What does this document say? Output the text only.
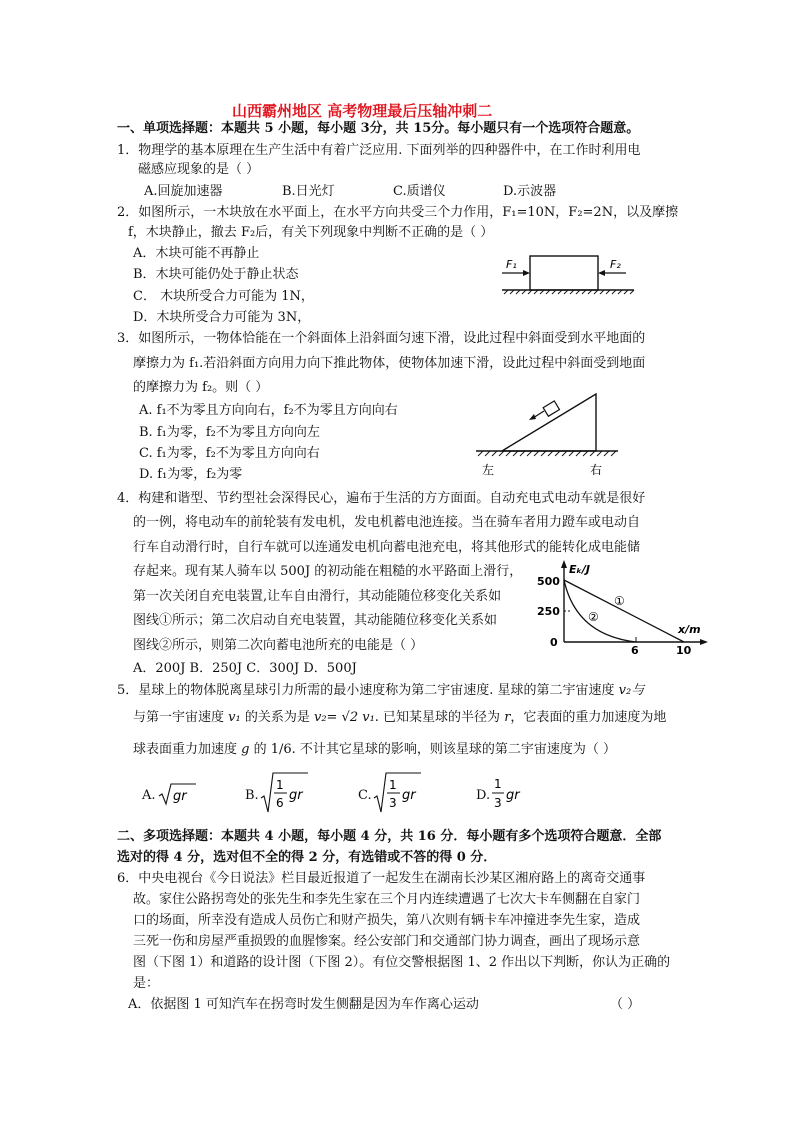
山西霸州地区 高考物理最后压轴冲刺二
一、单项选择题：本题共 5 小题，每小题 3分，共 15分。每小题只有一个选项符合题意。
1．物理学的基本原理在生产生活中有着广泛应用. 下面列举的四种器件中，在工作时利用电
磁感应现象的是（ ）
A.回旋加速器	B.日光灯	C.质谱仪	D.示波器
2．如图所示，一木块放在水平面上，在水平方向共受三个力作用，F₁=10N，F₂=2N，以及摩擦
f，木块静止，撤去 F₂后，有关下列现象中判断不正确的是（ ）
A．木块可能不再静止
B．木块可能仍处于静止状态
C． 木块所受合力可能为 1N，
D．木块所受合力可能为 3N，
F₁	F₂
3．如图所示，一物体恰能在一个斜面体上沿斜面匀速下滑，设此过程中斜面受到水平地面的
摩擦力为 f₁.若沿斜面方向用力向下推此物体，使物体加速下滑，设此过程中斜面受到地面
的摩擦力为 f₂。则（ ）
A. f₁不为零且方向向右，f₂不为零且方向向右
B. f₁为零，f₂不为零且方向向左
C. f₁为零，f₂不为零且方向向右
D. f₁为零，f₂为零	左	右
4．构建和谐型、节约型社会深得民心，遍布于生活的方方面面。自动充电式电动车就是很好
的一例，将电动车的前轮装有发电机，发电机蓄电池连接。当在骑车者用力蹬车或电动自
行车自动滑行时，自行车就可以连通发电机向蓄电池充电，将其他形式的能转化成电能储
存起来。现有某人骑车以 500J 的初动能在粗糙的水平路面上滑行，
第一次关闭自充电装置,让车自由滑行，其动能随位移变化关系如
图线①所示；第二次启动自充电装置，其动能随位移变化关系如
图线②所示，则第二次向蓄电池所充的电能是（ ）
A．200J B．250J C．300J D．500J
Eₖ/J
x/m
500
250
0
6	10
①
②
5．星球上的物体脱离星球引力所需的最小速度称为第二宇宙速度. 星球的第二宇宙速度 v₂与
与第一宇宙速度 v₁ 的关系为是 v₂= √2 v₁. 已知某星球的半径为 r，它表面的重力加速度为地
球表面重力加速度 g 的 1/6. 不计其它星球的影响，则该星球的第二宇宙速度为（ ）
A. gr	B.
1
6 gr	C.
1
3 gr	D.
1
3 gr
二、多项选择题：本题共 4 小题，每小题 4 分，共 16 分．每小题有多个选项符合题意．全部
选对的得 4 分，选对但不全的得 2 分，有选错或不答的得 0 分．
6．中央电视台《今日说法》栏目最近报道了一起发生在湖南长沙某区湘府路上的离奇交通事
故。家住公路拐弯处的张先生和李先生家在三个月内连续遭遇了七次大卡车侧翻在自家门
口的场面，所幸没有造成人员伤亡和财产损失，第八次则有辆卡车冲撞进李先生家，造成
三死一伤和房屋严重损毁的血腥惨案。经公安部门和交通部门协力调查，画出了现场示意
图（下图 1）和道路的设计图（下图 2）。有位交警根据图 1、2 作出以下判断，你认为正确的
是：
A．依据图 1 可知汽车在拐弯时发生侧翻是因为车作离心运动	（ ）
